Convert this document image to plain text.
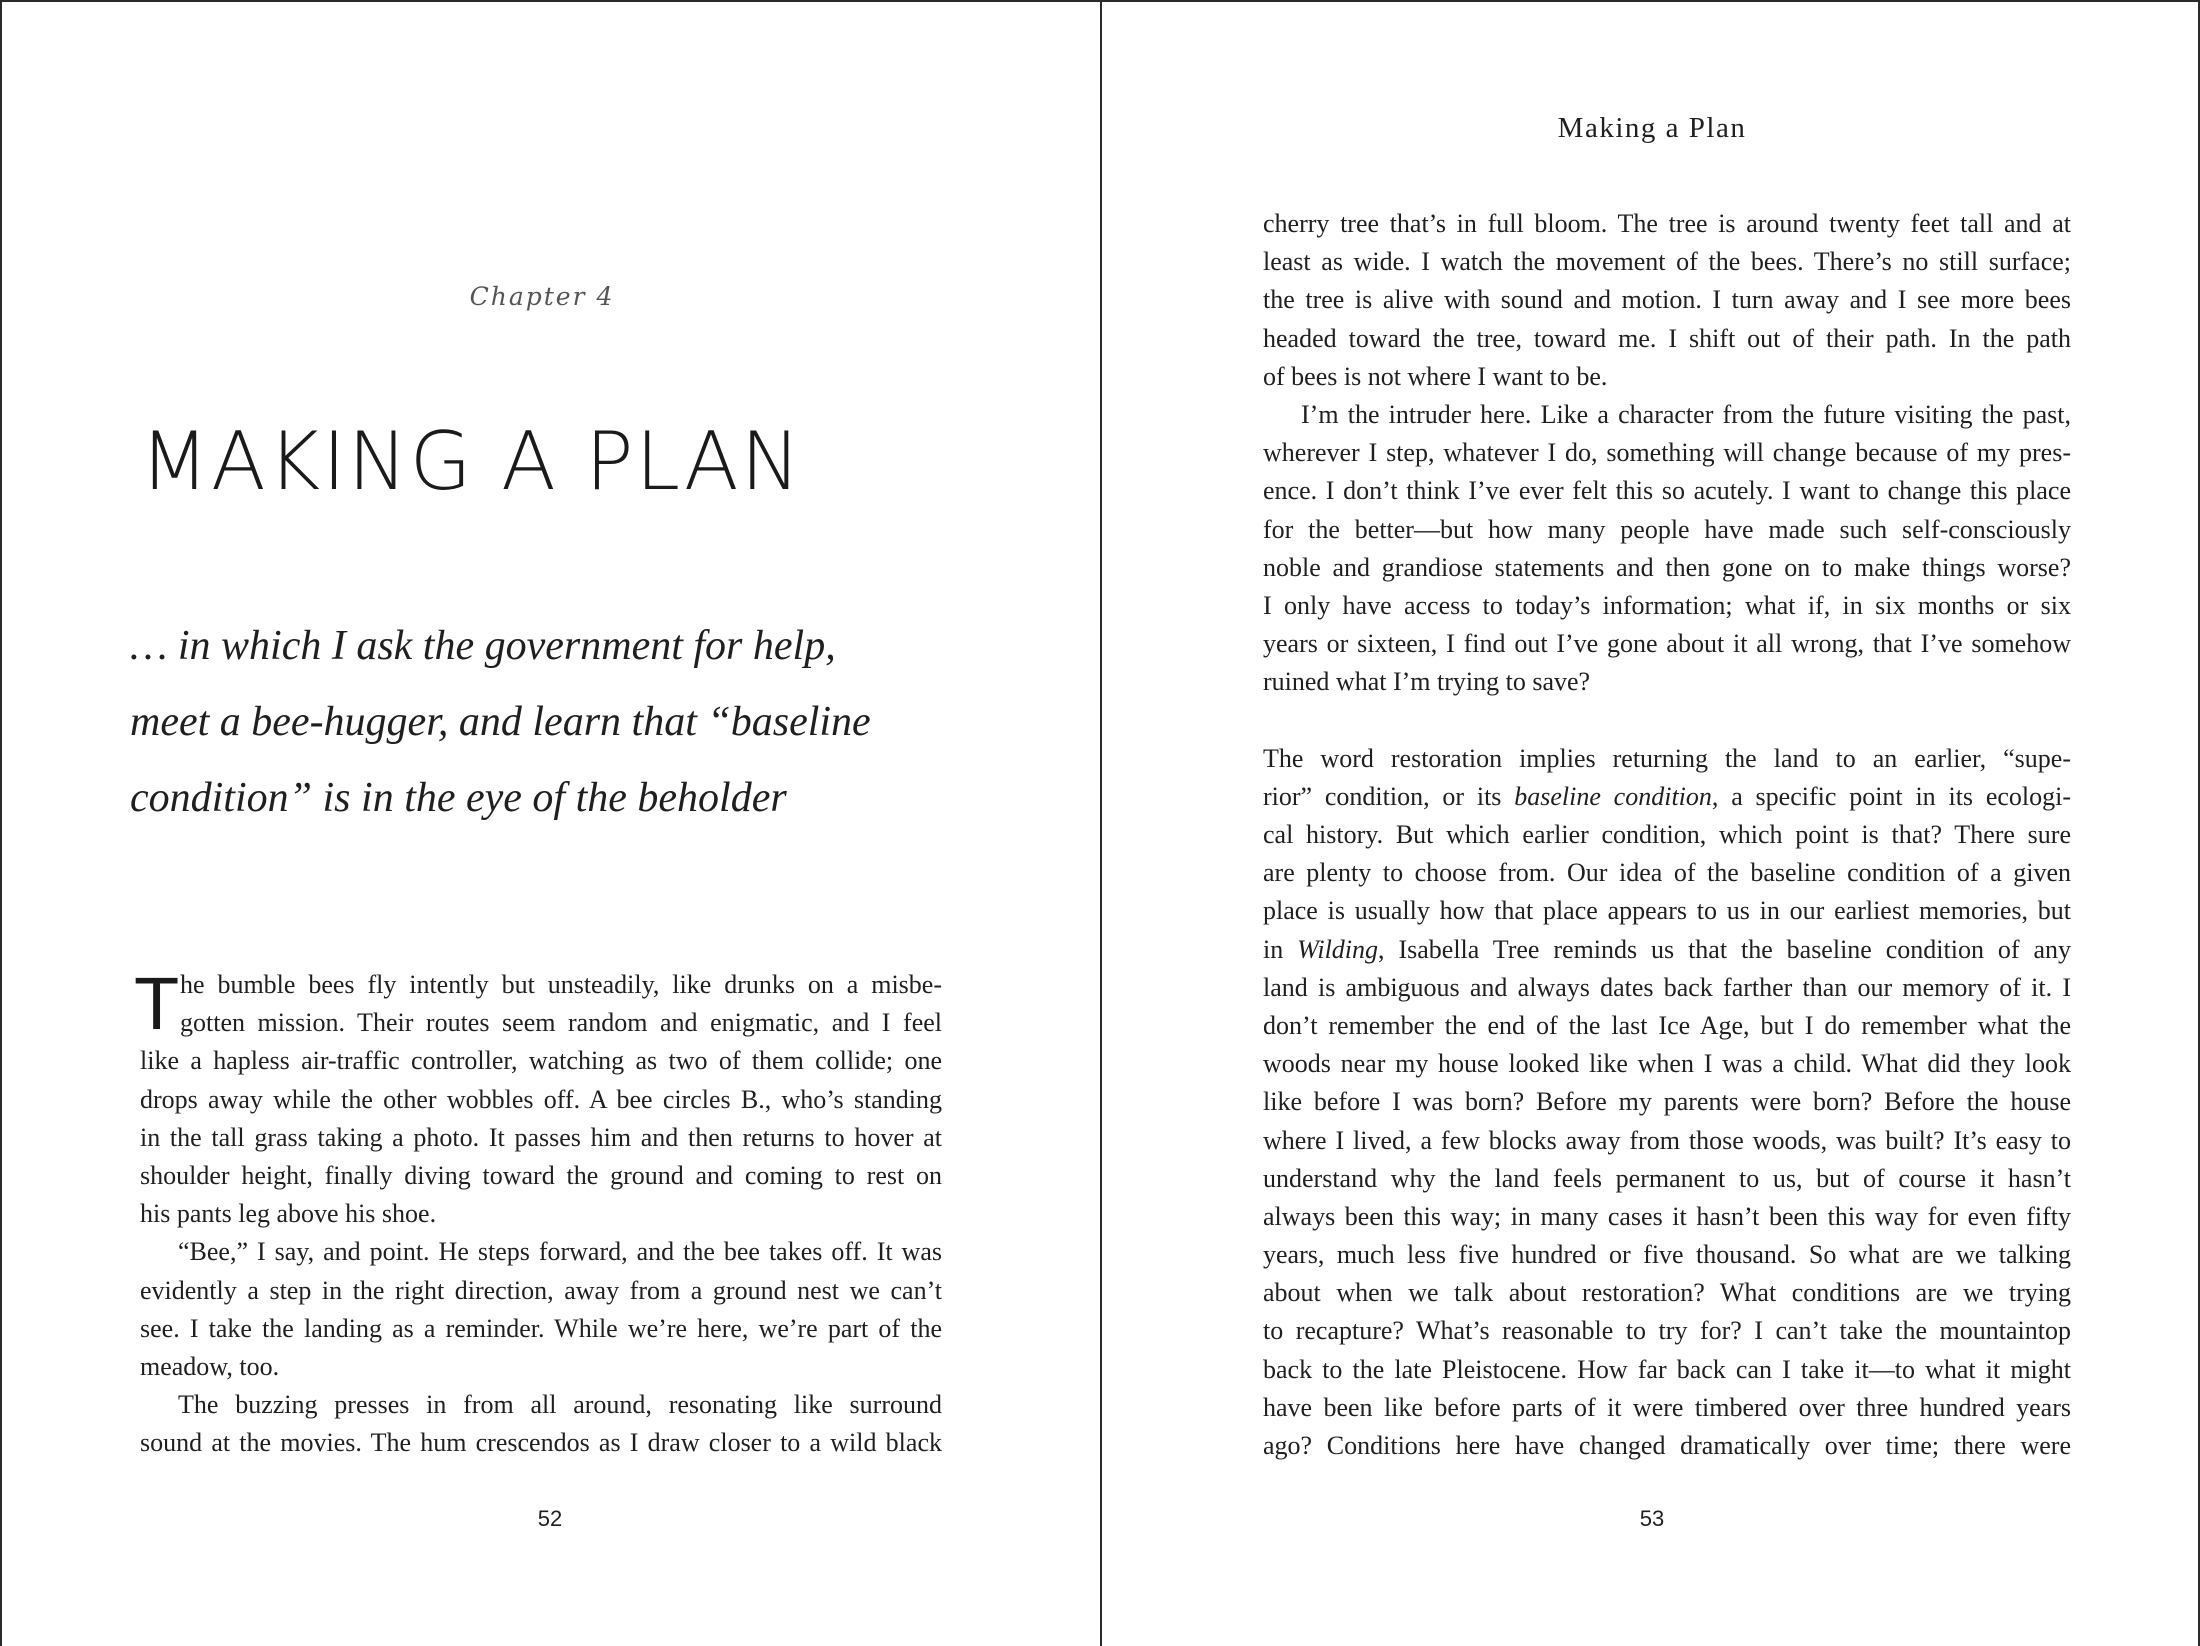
Chapter 4
MAKING A PLAN
… in which I ask the government for help,
meet a bee-hugger, and learn that “baseline
condition” is in the eye of the beholder
T he bumble bees fly intently but unsteadily, like drunks on a misbe-
gotten mission. Their routes seem random and enigmatic, and I feel
like a hapless air-traffic controller, watching as two of them collide; one
drops away while the other wobbles off. A bee circles B., who’s standing
in the tall grass taking a photo. It passes him and then returns to hover at
shoulder height, finally diving toward the ground and coming to rest on
his pants leg above his shoe.
“Bee,” I say, and point. He steps forward, and the bee takes off. It was
evidently a step in the right direction, away from a ground nest we can’t
see. I take the landing as a reminder. While we’re here, we’re part of the
meadow, too.
The buzzing presses in from all around, resonating like surround
sound at the movies. The hum crescendos as I draw closer to a wild black
52
Making a Plan
cherry tree that’s in full bloom. The tree is around twenty feet tall and at
least as wide. I watch the movement of the bees. There’s no still surface;
the tree is alive with sound and motion. I turn away and I see more bees
headed toward the tree, toward me. I shift out of their path. In the path
of bees is not where I want to be.
I’m the intruder here. Like a character from the future visiting the past,
wherever I step, whatever I do, something will change because of my pres-
ence. I don’t think I’ve ever felt this so acutely. I want to change this place
for the better—but how many people have made such self-consciously
noble and grandiose statements and then gone on to make things worse?
I only have access to today’s information; what if, in six months or six
years or sixteen, I find out I’ve gone about it all wrong, that I’ve somehow
ruined what I’m trying to save?
The word restoration implies returning the land to an earlier, “supe-
rior” condition, or its baseline condition, a specific point in its ecologi-
cal history. But which earlier condition, which point is that? There sure
are plenty to choose from. Our idea of the baseline condition of a given
place is usually how that place appears to us in our earliest memories, but
in Wilding, Isabella Tree reminds us that the baseline condition of any
land is ambiguous and always dates back farther than our memory of it. I
don’t remember the end of the last Ice Age, but I do remember what the
woods near my house looked like when I was a child. What did they look
like before I was born? Before my parents were born? Before the house
where I lived, a few blocks away from those woods, was built? It’s easy to
understand why the land feels permanent to us, but of course it hasn’t
always been this way; in many cases it hasn’t been this way for even fifty
years, much less five hundred or five thousand. So what are we talking
about when we talk about restoration? What conditions are we trying
to recapture? What’s reasonable to try for? I can’t take the mountaintop
back to the late Pleistocene. How far back can I take it—to what it might
have been like before parts of it were timbered over three hundred years
ago? Conditions here have changed dramatically over time; there were
53
